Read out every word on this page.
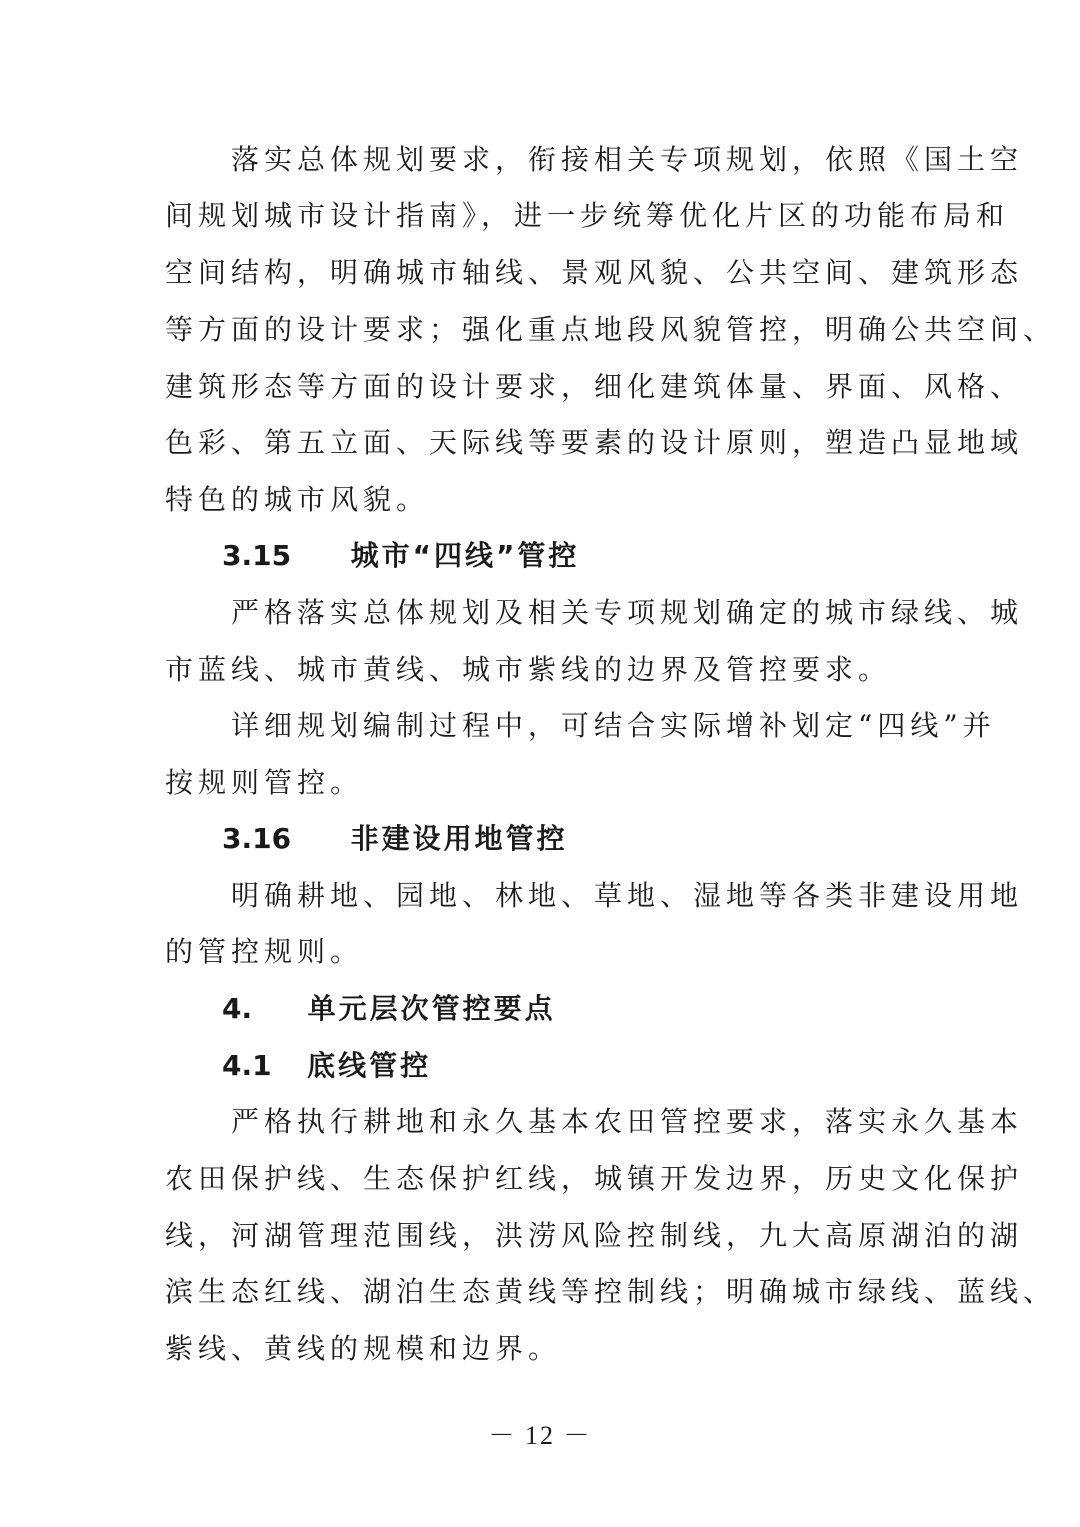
　　落实总体规划要求，衔接相关专项规划，依照《国土空
间规划城市设计指南》，进一步统筹优化片区的功能布局和
空间结构，明确城市轴线、景观风貌、公共空间、建筑形态
等方面的设计要求；强化重点地段风貌管控，明确公共空间、
建筑形态等方面的设计要求，细化建筑体量、界面、风格、
色彩、第五立面、天际线等要素的设计原则，塑造凸显地域
特色的城市风貌。
3.15 城市“四线”管控
　　严格落实总体规划及相关专项规划确定的城市绿线、城
市蓝线、城市黄线、城市紫线的边界及管控要求。
　　详细规划编制过程中，可结合实际增补划定“四线”并
按规则管控。
3.16 非建设用地管控
　　明确耕地、园地、林地、草地、湿地等各类非建设用地
的管控规则。
4. 单元层次管控要点
4.1 底线管控
　　严格执行耕地和永久基本农田管控要求，落实永久基本
农田保护线、生态保护红线，城镇开发边界，历史文化保护
线，河湖管理范围线，洪涝风险控制线，九大高原湖泊的湖
滨生态红线、湖泊生态黄线等控制线；明确城市绿线、蓝线、
紫线、黄线的规模和边界。
－ 12 －
